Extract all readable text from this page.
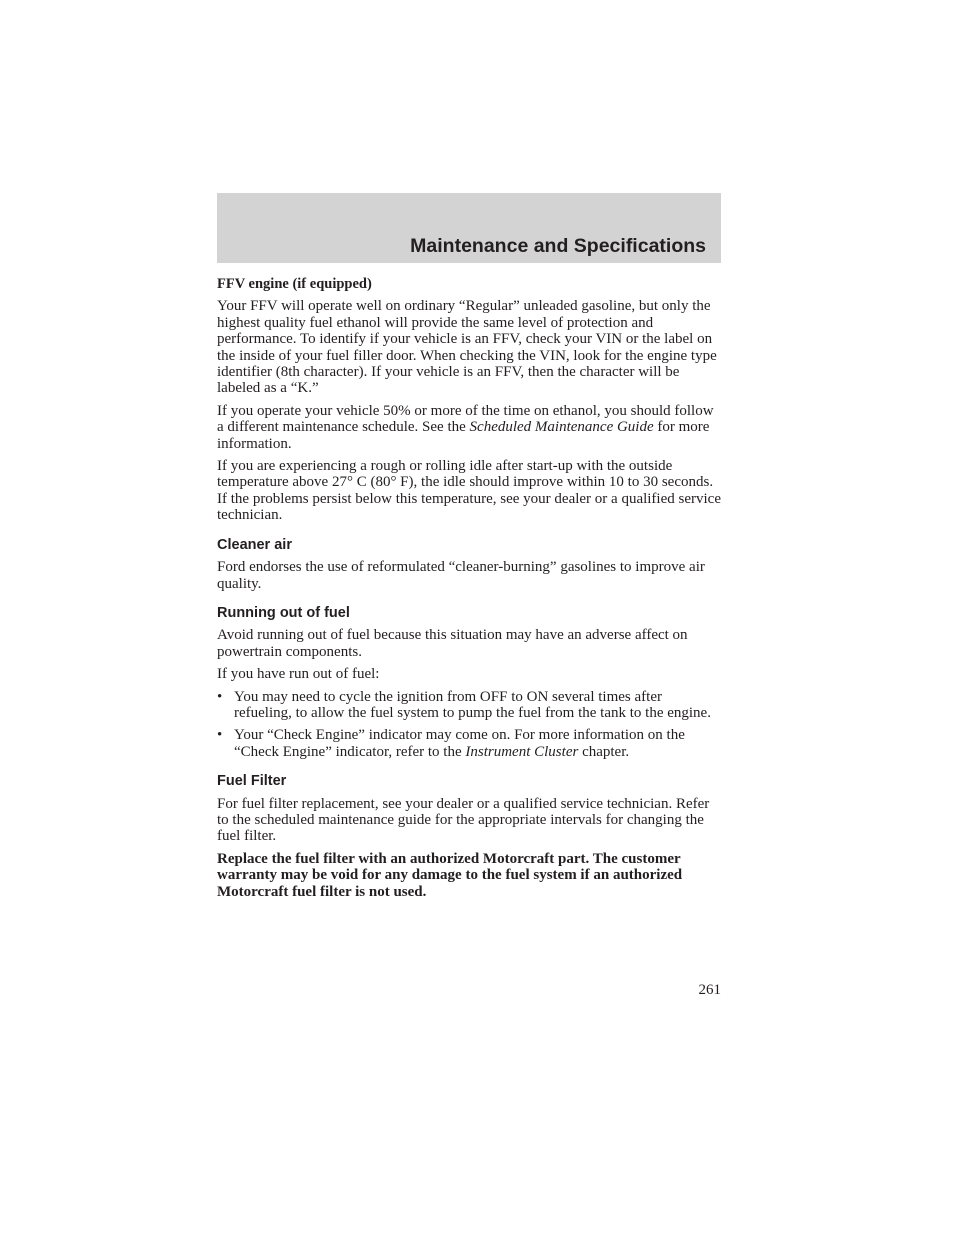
Maintenance and Specifications
FFV engine (if equipped)

Your FFV will operate well on ordinary “Regular” unleaded gasoline, but only the highest quality fuel ethanol will provide the same level of protection and performance. To identify if your vehicle is an FFV, check your VIN or the label on the inside of your fuel filler door. When checking the VIN, look for the engine type identifier (8th character). If your vehicle is an FFV, then the character will be labeled as a “K.”

If you operate your vehicle 50% or more of the time on ethanol, you should follow a different maintenance schedule. See the Scheduled Maintenance Guide for more information.

If you are experiencing a rough or rolling idle after start-up with the outside temperature above 27° C (80° F), the idle should improve within 10 to 30 seconds. If the problems persist below this temperature, see your dealer or a qualified service technician.

Cleaner air

Ford endorses the use of reformulated “cleaner-burning” gasolines to improve air quality.

Running out of fuel

Avoid running out of fuel because this situation may have an adverse affect on powertrain components.

If you have run out of fuel:

• You may need to cycle the ignition from OFF to ON several times after refueling, to allow the fuel system to pump the fuel from the tank to the engine.
• Your “Check Engine” indicator may come on. For more information on the “Check Engine” indicator, refer to the Instrument Cluster chapter.
Fuel Filter

For fuel filter replacement, see your dealer or a qualified service technician. Refer to the scheduled maintenance guide for the appropriate intervals for changing the fuel filter.

Replace the fuel filter with an authorized Motorcraft part. The customer warranty may be void for any damage to the fuel system if an authorized Motorcraft fuel filter is not used.

261
